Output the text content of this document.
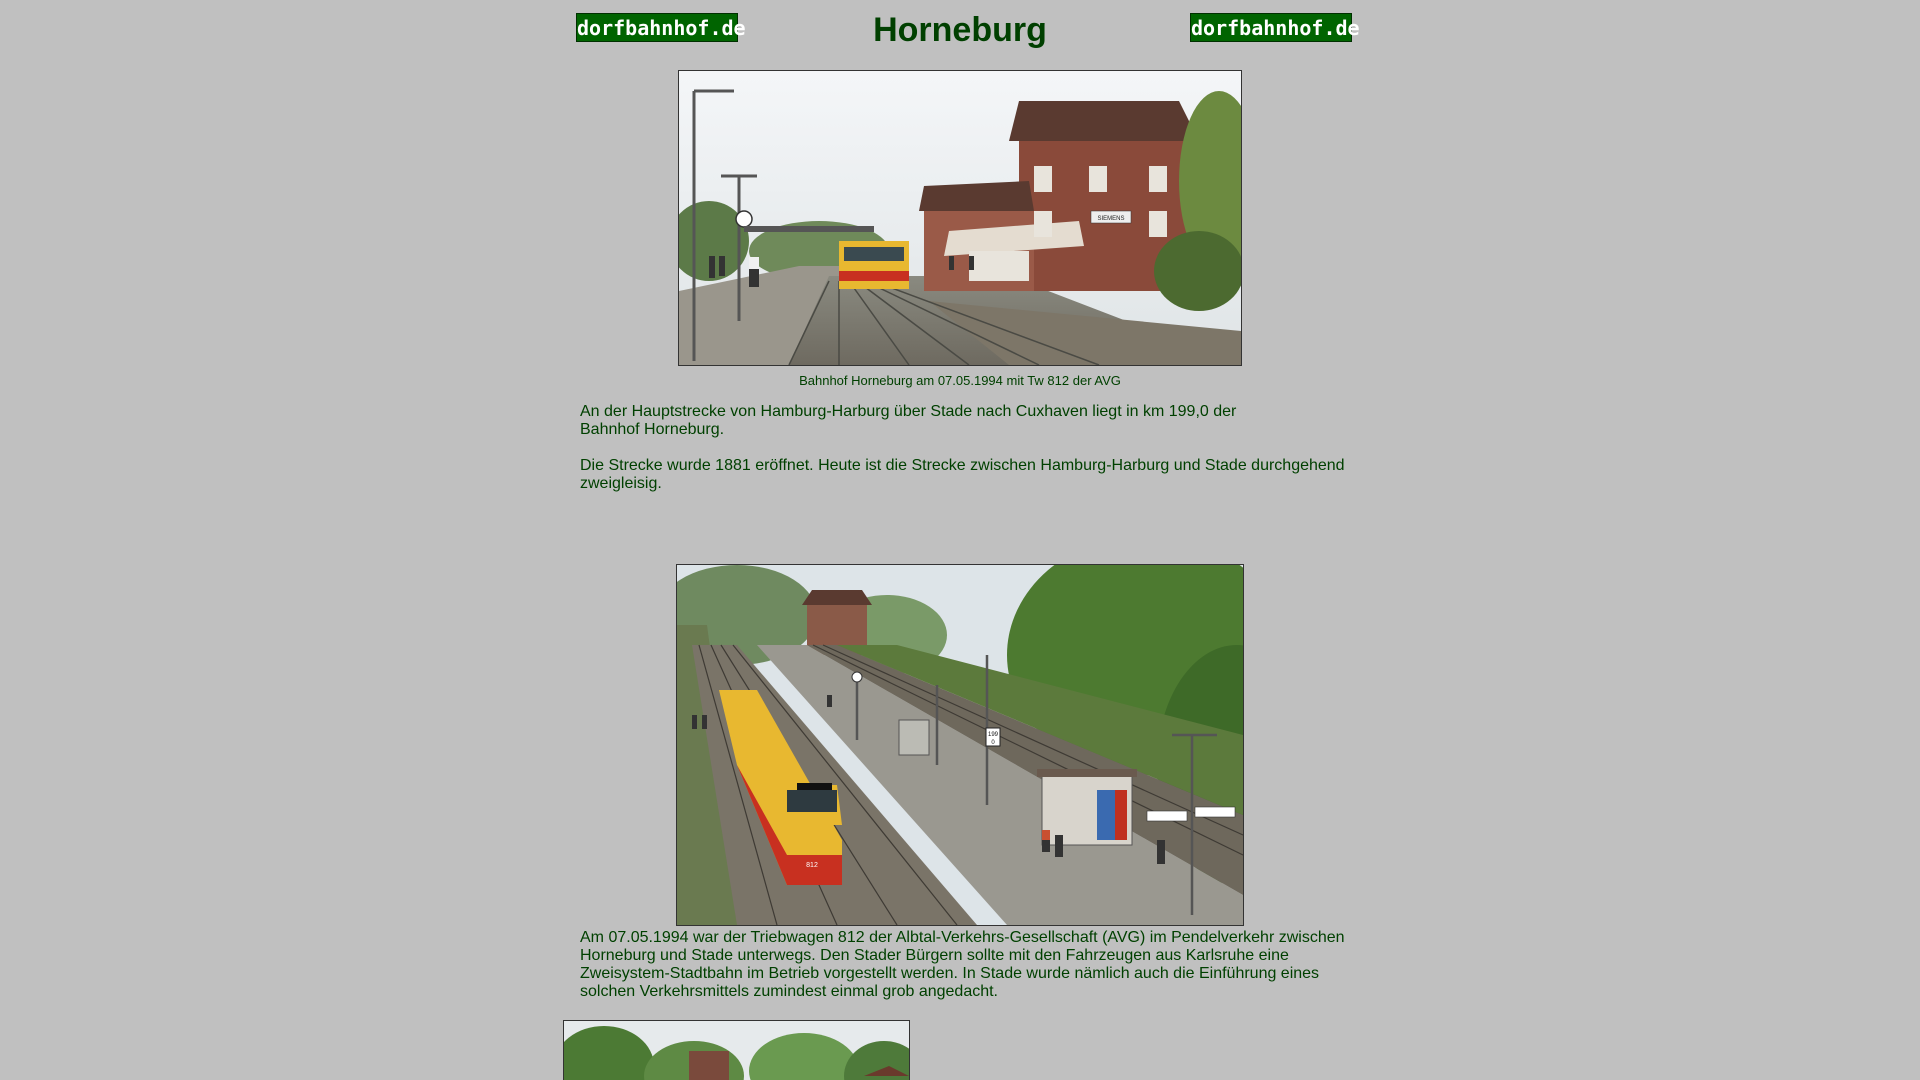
dorfbahnhof.de	Horneburg	dorfbahnhof.de
SIEMENS
Bahnhof Horneburg am 07.05.1994 mit Tw 812 der AVG

An der Hauptstrecke von Hamburg-Harburg über Stade nach Cuxhaven liegt in km 199,0 der Bahnhof Horneburg.

Die Strecke wurde 1881 eröffnet. Heute ist die Strecke zwischen Hamburg-Harburg und Stade durchgehend zweigleisig.

812
199
0

Am 07.05.1994 war der Triebwagen 812 der Albtal-Verkehrs-Gesellschaft (AVG) im Pendelverkehr zwischen Horneburg und Stade unterwegs. Den Stader Bürgern sollte mit den Fahrzeugen aus Karlsruhe eine Zweisystem-Stadtbahn im Betrieb vorgestellt werden. In Stade wurde nämlich auch die Einführung eines solchen Verkehrsmittels zumindest einmal grob angedacht.
